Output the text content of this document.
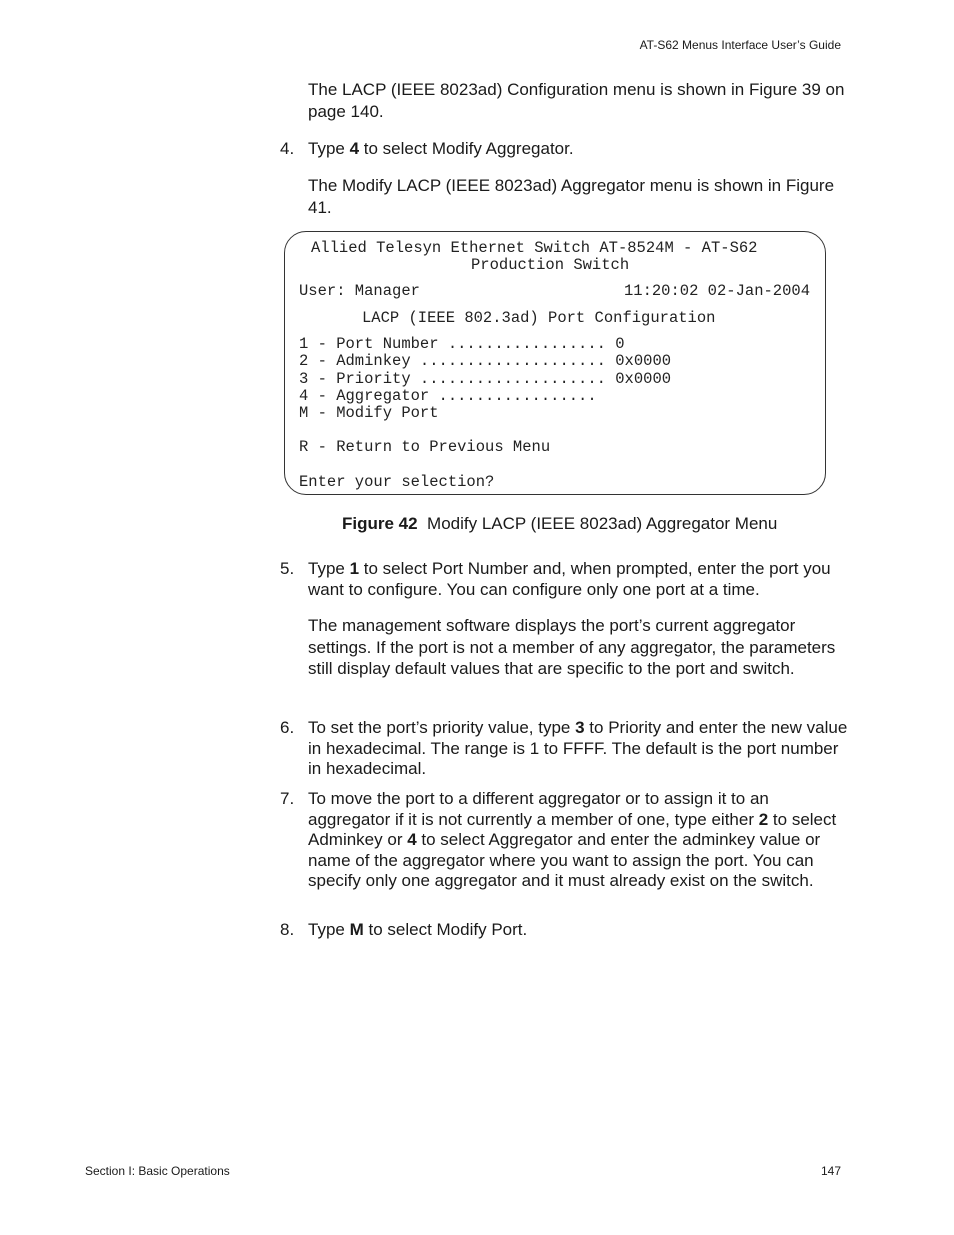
AT-S62 Menus Interface User’s Guide
The LACP (IEEE 8023ad) Configuration menu is shown in Figure 39 on page 140.
4. Type 4 to select Modify Aggregator.
The Modify LACP (IEEE 8023ad) Aggregator menu is shown in Figure 41.
Allied Telesyn Ethernet Switch AT-8524M - AT-S62
Production Switch
User: Manager	11:20:02 02-Jan-2004
LACP (IEEE 802.3ad) Port Configuration
1 - Port Number ................. 0
2 - Adminkey .................... 0x0000
3 - Priority .................... 0x0000
4 - Aggregator .................
M - Modify Port
R - Return to Previous Menu
Enter your selection?
Figure 42 Modify LACP (IEEE 8023ad) Aggregator Menu
5. Type 1 to select Port Number and, when prompted, enter the port you want to configure. You can configure only one port at a time.
The management software displays the port’s current aggregator settings. If the port is not a member of any aggregator, the parameters still display default values that are specific to the port and switch.
6. To set the port’s priority value, type 3 to Priority and enter the new value in hexadecimal. The range is 1 to FFFF. The default is the port number in hexadecimal.
7. To move the port to a different aggregator or to assign it to an aggregator if it is not currently a member of one, type either 2 to select Adminkey or 4 to select Aggregator and enter the adminkey value or name of the aggregator where you want to assign the port. You can specify only one aggregator and it must already exist on the switch.
8. Type M to select Modify Port.
Section I: Basic Operations	147
